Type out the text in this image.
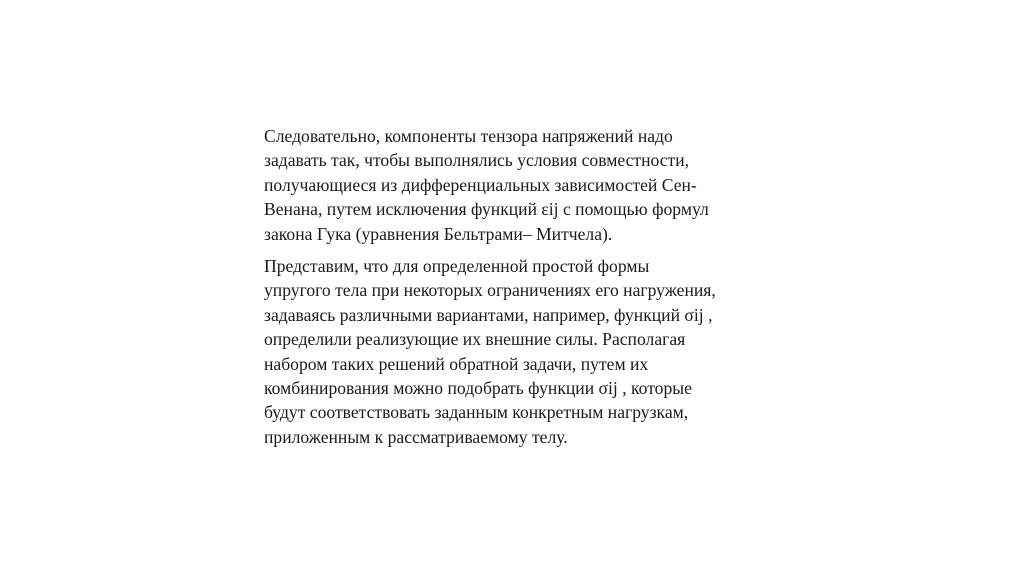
Следовательно, компоненты тензора напряжений надо
задавать так, чтобы выполнялись условия совместности,
получающиеся из дифференциальных зависимостей Сен-
Венана, путем исключения функций εij с помощью формул
закона Гука (уравнения Бельтрами– Митчела).

Представим, что для определенной простой формы
упругого тела при некоторых ограничениях его нагружения,
задаваясь различными вариантами, например, функций σij ,
определили реализующие их внешние силы. Располагая
набором таких решений обратной задачи, путем их
комбинирования можно подобрать функции σij , которые
будут соответствовать заданным конкретным нагрузкам,
приложенным к рассматриваемому телу.
